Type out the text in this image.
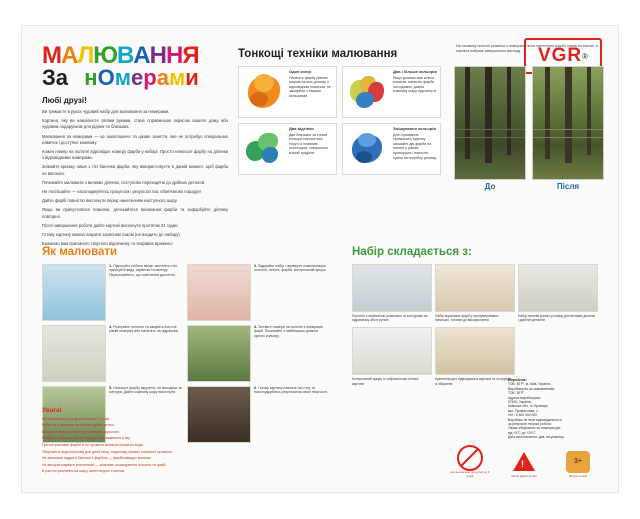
МАЛЮВАННЯ
За нОмерами
VGR ®
Любі друзі!

Ви тримаєте в руках чудовий набір для малювання за номерами.

Картина, яку ви намалюєте своїми руками, стане справжньою окрасою вашого дому або чудовим подарунком для рідних та близьких.

Малювання за номерами — це захоплююче та цікаве заняття, яке не потребує спеціальних навичок і доступне кожному.

Кожен номер на полотні відповідає номеру фарби у наборі. Просто наносьте фарбу на ділянки з відповідними номерами.

Знімайте кришку лише з тієї баночки фарби, яку використовуєте в даний момент, щоб фарба не висохла.

Починайте малювати з великих ділянок, поступово переходячи до дрібних деталей.

Не поспішайте — насолоджуйтесь процесом і результат вас обов'язково порадує!

Дайте фарбі повністю висохнути перед нанесенням наступного шару.

Якщо ви припустилися помилки, дочекайтеся висихання фарби та зафарбуйте ділянку повторно.

Після завершення роботи дайте картині висохнути протягом 24 годин.

Готову картину можна покрити захисним лаком (не входить до набору).

Бажаємо вам приємного творчого відпочинку та яскравих вражень!

Тонкощі техніки малювання
Один колір
Нанесіть фарбу рівним шаром на всю ділянку з відповідним номером, не змішуючи з іншими кольорами.
Два і більше кольорів
Якщо ділянка має кілька номерів, нанесіть фарби послідовно, даючи кожному шару підсохнути.
Два відтінки
Два близьких за тоном кольори наносяться поруч із плавним переходом, створюючи м'який градієнт.
Змішування кольорів
Для отримання проміжного відтінку змішайте дві фарби на палітрі у рівних пропорціях і нанесіть суміш на потрібну ділянку.
На готовому полотні розмітка з номерами після нанесення фарби повністю зникає, а картина набуває завершеного вигляду.
До	Після
Як малювати
1. Підготуйте робоче місце: застеліть стіл, підготуйте воду, серветки та палітру. Переконайтесь, що освітлення достатнє.
2. Відкрийте набір і перевірте комплектацію: полотно, пензлі, фарби, контрольний аркуш.
3. Розправте полотно та закріпіть його на рівній поверхні або натягніть на підрамник.
4. Зіставте номери на полотні з номерами фарб. Починайте з найбільших ділянок одного кольору.
5. Наносьте фарбу акуратно, не виходячи за контури. Дайте кожному шару висохнути.
6. Готову картину повісьте на стіну та насолоджуйтесь результатом своєї творчості.
Набір складається з:
Полотно з нанесеною розміткою та контурами на підрамнику або в рулоні
Набір акрилових фарб у пронумерованих баночках, готових до використання
Набір пензлів різного розміру для великих ділянок і дрібних деталей
Контрольний аркуш із зображенням готової картини
Кріплення для підвішування картини та інструкція зі збирання
Виробник:
ТОВ "ВГР", м. Київ, Україна.
Виробництво за замовленням:
ТОВ "ВГР".
Адреса виробництва:
07400, Україна,
Київська обл., м. Бровари,
вул. Промислова, 1.
тел.: 0 800 000 000
Виробник не несе відповідальності
за результат творчої роботи.
Умови зберігання: за температури
від +5°С до +25°С.
Дата виготовлення: див. на упаковці.
Увага!

Не призначено для дітей віком до 3 років.

Набір не є іграшкою та містить дрібні деталі.

Використовувати тільки під наглядом дорослих.

Фарби не токсичні, але не придатні до вживання в їжу.

При потраплянні фарби в очі промити великою кількістю води.

Зберігати в недоступному для дітей місці, подалі від прямих сонячних променів.

Не залишати відкриті баночки з фарбою — фарба швидко висихає.

Не використовувати розчинники — можливе пошкодження полотна та фарб.

В разі потрапляння на шкіру змити водою з милом.	Не призначено для дітей до 3 років
!	Увага! Дрібні деталі
3+
Вік від 3 років
